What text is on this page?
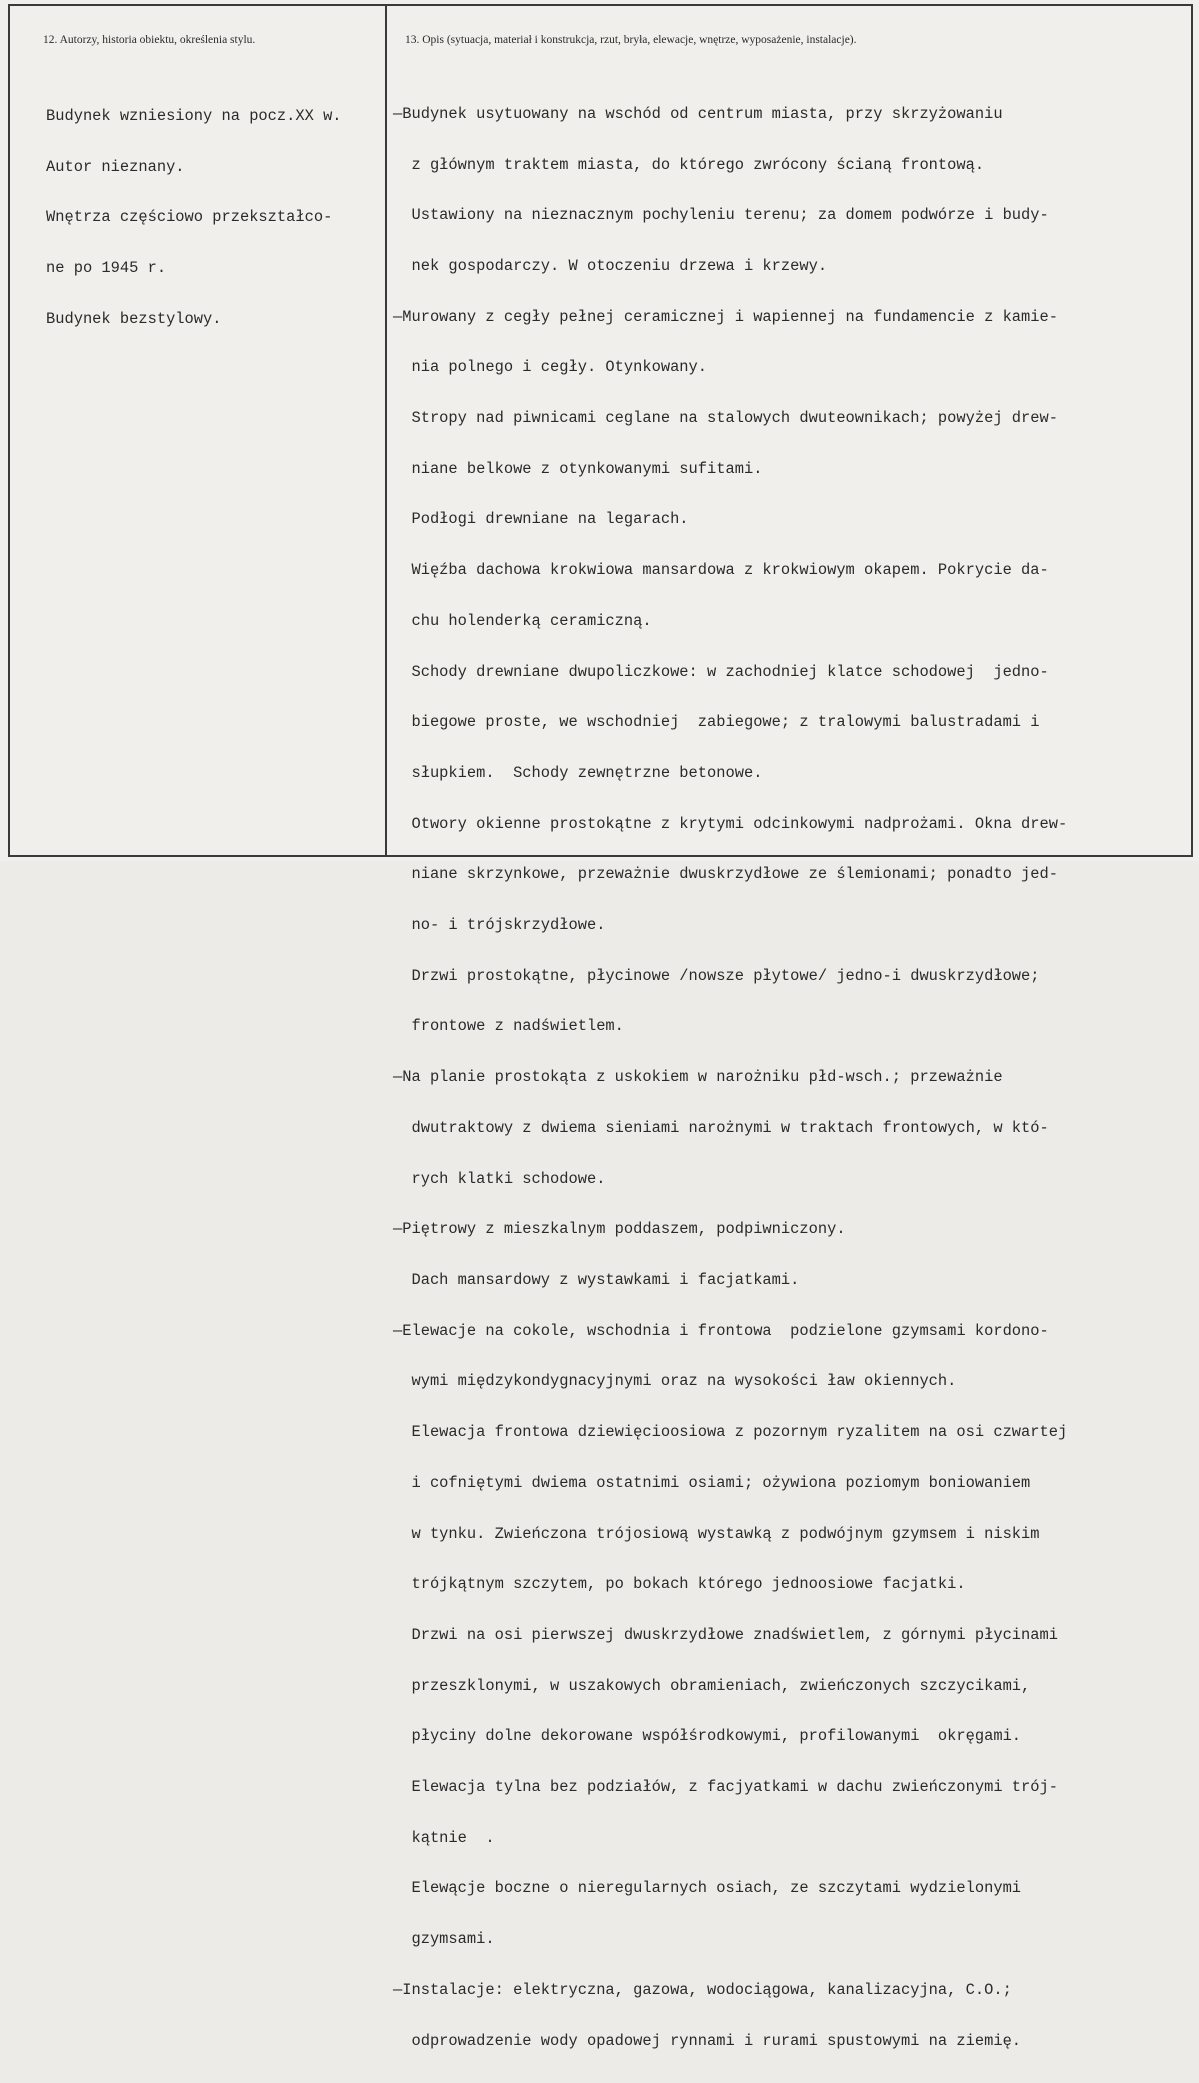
12. Autorzy, historia obiektu, określenia stylu.	13. Opis (sytuacja, materiał i konstrukcja, rzut, bryła, elewacje, wnętrze, wyposażenie, instalacje).

Budynek wzniesiony na pocz.XX w.

Autor nieznany.

Wnętrza częściowo przekształco-

ne po 1945 r.

Budynek bezstylowy.

—Budynek usytuowany na wschód od centrum miasta, przy skrzyżowaniu

z głównym traktem miasta, do którego zwrócony ścianą frontową.

Ustawiony na nieznacznym pochyleniu terenu; za domem podwórze i budy-

nek gospodarczy. W otoczeniu drzewa i krzewy.

—Murowany z cegły pełnej ceramicznej i wapiennej na fundamencie z kamie-

nia polnego i cegły. Otynkowany.

Stropy nad piwnicami ceglane na stalowych dwuteownikach; powyżej drew-

niane belkowe z otynkowanymi sufitami.

Podłogi drewniane na legarach.

Więźba dachowa krokwiowa mansardowa z krokwiowym okapem. Pokrycie da-

chu holenderką ceramiczną.

Schody drewniane dwupoliczkowe: w zachodniej klatce schodowej  jedno-

biegowe proste, we wschodniej  zabiegowe; z tralowymi balustradami i

słupkiem.  Schody zewnętrzne betonowe.

Otwory okienne prostokątne z krytymi odcinkowymi nadprożami. Okna drew-

niane skrzynkowe, przeważnie dwuskrzydłowe ze ślemionami; ponadto jed-

no- i trójskrzydłowe.

Drzwi prostokątne, płycinowe /nowsze płytowe/ jedno-i dwuskrzydłowe;

frontowe z nadświetlem.

—Na planie prostokąta z uskokiem w narożniku płd-wsch.; przeważnie

dwutraktowy z dwiema sieniami narożnymi w traktach frontowych, w któ-

rych klatki schodowe.

—Piętrowy z mieszkalnym poddaszem, podpiwniczony.

Dach mansardowy z wystawkami i facjatkami.

—Elewacje na cokole, wschodnia i frontowa  podzielone gzymsami kordono-

wymi międzykondygnacyjnymi oraz na wysokości ław okiennych.

Elewacja frontowa dziewięcioosiowa z pozornym ryzalitem na osi czwartej

i cofniętymi dwiema ostatnimi osiami; ożywiona poziomym boniowaniem

w tynku. Zwieńczona trójosiową wystawką z podwójnym gzymsem i niskim

trójkątnym szczytem, po bokach którego jednoosiowe facjatki.

Drzwi na osi pierwszej dwuskrzydłowe znadświetlem, z górnymi płycinami

przeszklonymi, w uszakowych obramieniach, zwieńczonych szczycikami,

płyciny dolne dekorowane współśrodkowymi, profilowanymi  okręgami.

Elewacja tylna bez podziałów, z facjyatkami w dachu zwieńczonymi trój-

kątnie  .

Elewącje boczne o nieregularnych osiach, ze szczytami wydzielonymi

gzymsami.

—Instalacje: elektryczna, gazowa, wodociągowa, kanalizacyjna, C.O.;

odprowadzenie wody opadowej rynnami i rurami spustowymi na ziemię.
